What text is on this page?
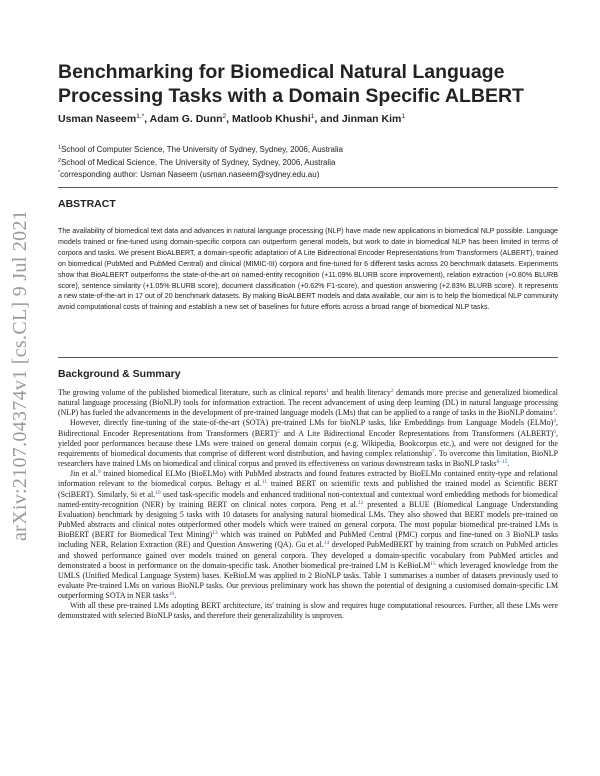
arXiv:2107.04374v1 [cs.CL] 9 Jul 2021
Benchmarking for Biomedical Natural Language Processing Tasks with a Domain Specific ALBERT
Usman Naseem$^{1,*}$, Adam G. Dunn$^2$, Matloob Khushi$^1$, and Jinman Kim$^1$
$^1$School of Computer Science, The University of Sydney, Sydney, 2006, Australia
$^2$School of Medical Science, The University of Sydney, Sydney, 2006, Australia
*corresponding author: Usman Naseem (usman.naseem@sydney.edu.au)
ABSTRACT

The availability of biomedical text data and advances in natural language processing (NLP) have made new applications in biomedical NLP possible. Language models trained or fine-tuned using domain-specific corpora can outperform general models, but work to date in biomedical NLP has been limited in terms of corpora and tasks. We present BioALBERT, a domain-specific adaptation of A Lite Bidirectional Encoder Representations from Transformers (ALBERT), trained on biomedical (PubMed and PubMed Central) and clinical (MIMIC-III) corpora and fine-tuned for 6 different tasks across 20 benchmark datasets. Experiments show that BioALBERT outperforms the state-of-the-art on named-entity recognition (+11.09% BLURB score improvement), relation extraction (+0.80% BLURB score), sentence similarity (+1.05% BLURB score), document classification (+0.62% F1-score), and question answering (+2.83% BLURB score). It represents a new state-of-the-art in 17 out of 20 benchmark datasets. By making BioALBERT models and data available, our aim is to help the biomedical NLP community avoid computational costs of training and establish a new set of baselines for future efforts across a broad range of biomedical NLP tasks.

Background & Summary

The growing volume of the published biomedical literature, such as clinical reports$^1$ and health literacy$^2$ demands more precise and generalized biomedical natural language processing (BioNLP) tools for information extraction. The recent advancement of using deep learning (DL) in natural language processing (NLP) has fueled the advancements in the development of pre-trained language models (LMs) that can be applied to a range of tasks in the BioNLP domains$^3$.

However, directly fine-tuning of the state-of-the-art (SOTA) pre-trained LMs for bioNLP tasks, like Embeddings from Language Models (ELMo)$^4$, Bidirectional Encoder Representations from Transformers (BERT)$^5$ and A Lite Bidirectional Encoder Representations from Transformers (ALBERT)$^6$, yielded poor performances because these LMs were trained on general domain corpus (e.g. Wikipedia, Bookcorpus etc.), and were not designed for the requirements of biomedical documents that comprise of different word distribution, and having complex relationship$^7$. To overcome this limitation, BioNLP researchers have trained LMs on biomedical and clinical corpus and proved its effectiveness on various downstream tasks in BioNLP tasks$^{8-15}$.

Jin et al.$^9$ trained biomedical ELMo (BioELMo) with PubMed abstracts and found features extracted by BioELMo contained entity-type and relational information relevant to the biomedical corpus. Beltagy et al.$^{11}$ trained BERT on scientific texts and published the trained model as Scientific BERT (SciBERT). Similarly, Si et al.$^{10}$ used task-specific models and enhanced traditional non-contextual and contextual word embedding methods for biomedical named-entity-recognition (NER) by training BERT on clinical notes corpora. Peng et al.$^{12}$ presented a BLUE (Biomedical Language Understanding Evaluation) benchmark by designing 5 tasks with 10 datasets for analysing natural biomedical LMs. They also showed that BERT models pre-trained on PubMed abstracts and clinical notes outperformed other models which were trained on general corpora. The most popular biomedical pre-trained LMs is BioBERT (BERT for Biomedical Text Mining)$^{13}$ which was trained on PubMed and PubMed Central (PMC) corpus and fine-tuned on 3 BioNLP tasks including NER, Relation Extraction (RE) and Question Answering (QA). Gu et al.$^{14}$ developed PubMedBERT by training from scratch on PubMed articles and showed performance gained over models trained on general corpora. They developed a domain-specific vocabulary from PubMed articles and demonstrated a boost in performance on the domain-specific task. Another biomedical pre-trained LM is KeBioLM$^{15}$ which leveraged knowledge from the UMLS (Unified Medical Language System) bases. KeBioLM was applied to 2 BioNLP tasks. Table 1 summarises a number of datasets previously used to evaluate Pre-trained LMs on various BioNLP tasks. Our previous preliminary work has shown the potential of designing a customised domain-specific LM outperforming SOTA in NER tasks$^{16}$.

With all these pre-trained LMs adopting BERT architecture, its' training is slow and requires huge computational resources. Further, all these LMs were demonstrated with selected BioNLP tasks, and therefore their generalizability is unproven.
